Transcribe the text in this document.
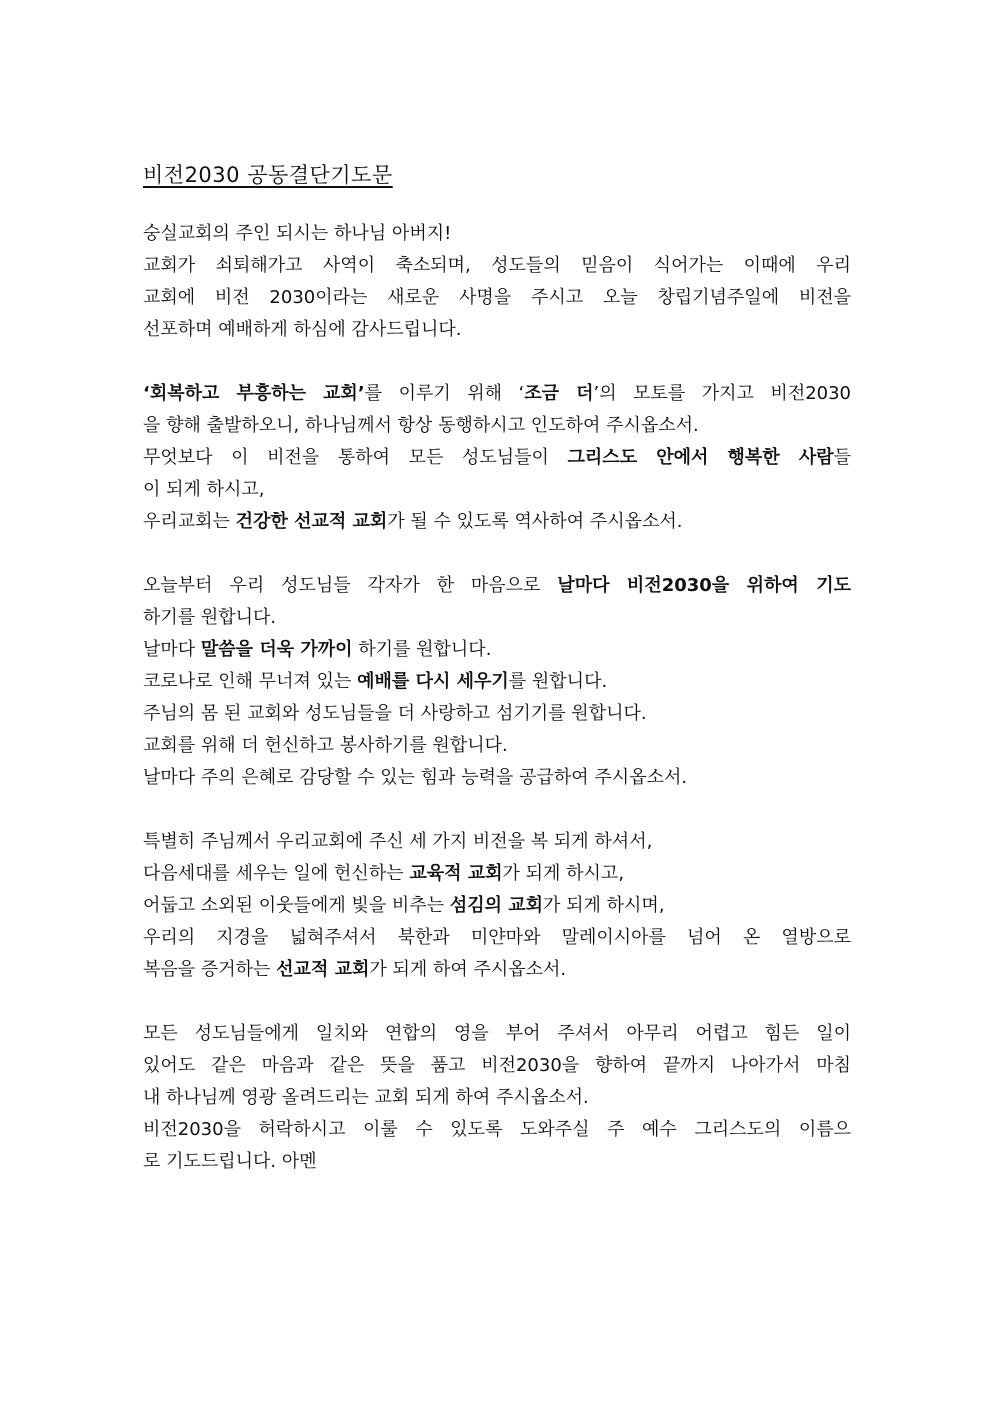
비전2030 공동결단기도문
숭실교회의 주인 되시는 하나님 아버지!
교회가 쇠퇴해가고 사역이 축소되며, 성도들의 믿음이 식어가는 이때에 우리
교회에 비전 2030이라는 새로운 사명을 주시고 오늘 창립기념주일에 비전을
선포하며 예배하게 하심에 감사드립니다.
‘회복하고 부흥하는 교회’를 이루기 위해 ‘조금 더’의 모토를 가지고 비전2030
을 향해 출발하오니, 하나님께서 항상 동행하시고 인도하여 주시옵소서.
무엇보다 이 비전을 통하여 모든 성도님들이 그리스도 안에서 행복한 사람들
이 되게 하시고,
우리교회는 건강한 선교적 교회가 될 수 있도록 역사하여 주시옵소서.
오늘부터 우리 성도님들 각자가 한 마음으로 날마다 비전2030을 위하여 기도
하기를 원합니다.
날마다 말씀을 더욱 가까이 하기를 원합니다.
코로나로 인해 무너져 있는 예배를 다시 세우기를 원합니다.
주님의 몸 된 교회와 성도님들을 더 사랑하고 섬기기를 원합니다.
교회를 위해 더 헌신하고 봉사하기를 원합니다.
날마다 주의 은혜로 감당할 수 있는 힘과 능력을 공급하여 주시옵소서.
특별히 주님께서 우리교회에 주신 세 가지 비전을 복 되게 하셔서,
다음세대를 세우는 일에 헌신하는 교육적 교회가 되게 하시고,
어둡고 소외된 이웃들에게 빛을 비추는 섬김의 교회가 되게 하시며,
우리의 지경을 넓혀주셔서 북한과 미얀마와 말레이시아를 넘어 온 열방으로
복음을 증거하는 선교적 교회가 되게 하여 주시옵소서.
모든 성도님들에게 일치와 연합의 영을 부어 주셔서 아무리 어렵고 힘든 일이
있어도 같은 마음과 같은 뜻을 품고 비전2030을 향하여 끝까지 나아가서 마침
내 하나님께 영광 올려드리는 교회 되게 하여 주시옵소서.
비전2030을 허락하시고 이룰 수 있도록 도와주실 주 예수 그리스도의 이름으
로 기도드립니다. 아멘
